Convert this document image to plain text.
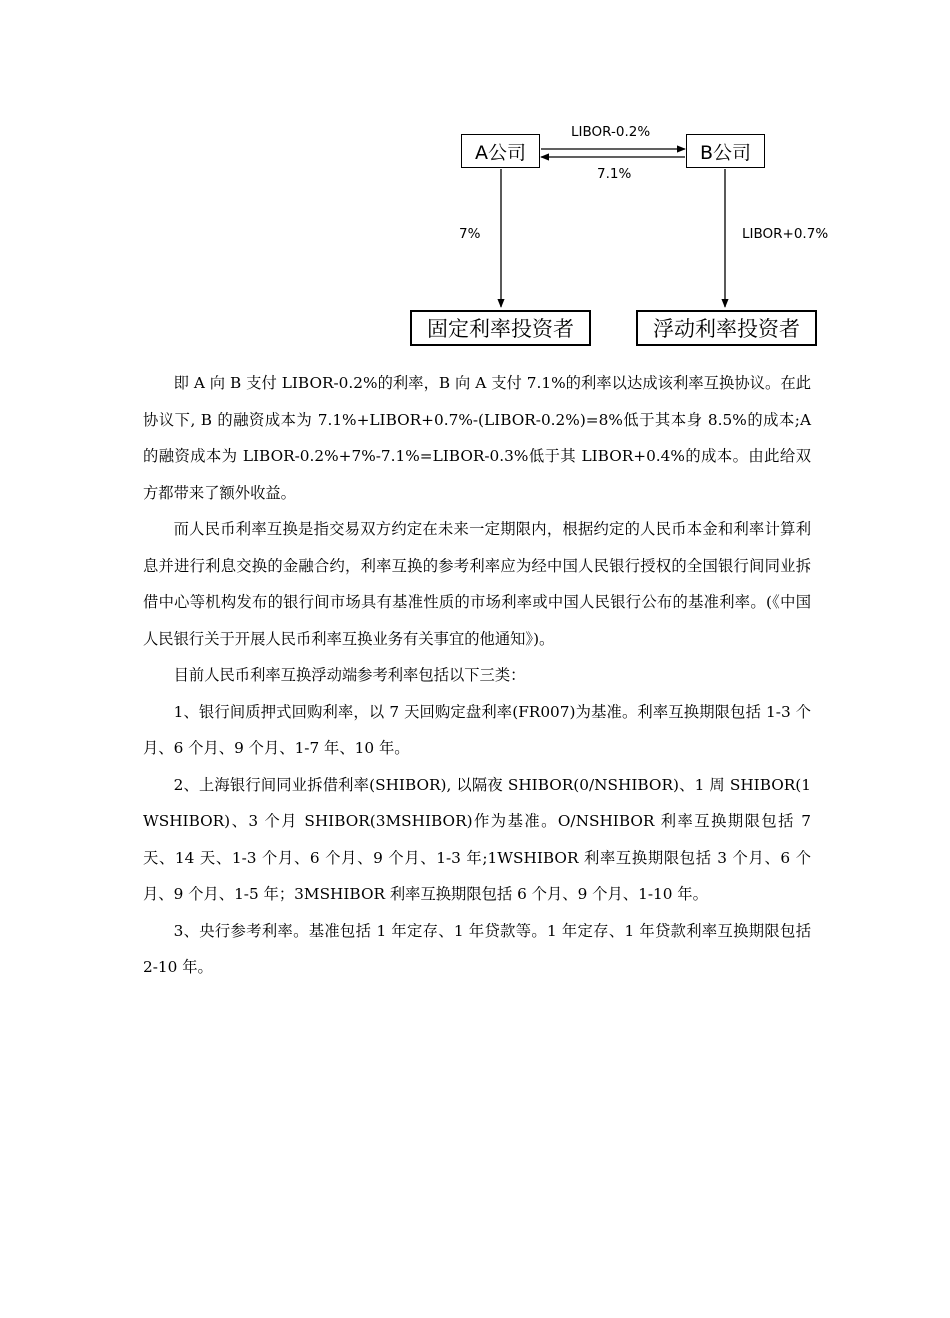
A公司	B公司
固定利率投资者	浮动利率投资者
LIBOR-0.2%
7.1%
7%	LIBOR+0.7%

即 A 向 B 支付 LIBOR-0.2%的利率，B 向 A 支付 7.1%的利率以达成该利率互换协议。在此协议下, B 的融资成本为 7.1%+LIBOR+0.7%-(LIBOR-0.2%)=8%低于其本身 8.5%的成本;A 的融资成本为 LIBOR-0.2%+7%-7.1%=LIBOR-0.3%低于其 LIBOR+0.4%的成本。由此给双方都带来了额外收益。

而人民币利率互换是指交易双方约定在未来一定期限内，根据约定的人民币本金和利率计算利息并进行利息交换的金融合约，利率互换的参考利率应为经中国人民银行授权的全国银行间同业拆借中心等机构发布的银行间市场具有基准性质的市场利率或中国人民银行公布的基准利率。(《中国人民银行关于开展人民币利率互换业务有关事宜的他通知》)。

目前人民币利率互换浮动端参考利率包括以下三类：

1、银行间质押式回购利率，以 7 天回购定盘利率(FR007)为基准。利率互换期限包括 1-3 个月、6 个月、9 个月、1-7 年、10 年。

2、上海银行间同业拆借利率(SHIBOR), 以隔夜 SHIBOR(0/NSHIBOR)、1 周 SHIBOR(1WSHIBOR)、3 个月 SHIBOR(3MSHIBOR)作为基准。O/NSHIBOR 利率互换期限包括 7 天、14 天、1-3 个月、6 个月、9 个月、1-3 年;1WSHIBOR 利率互换期限包括 3 个月、6 个月、9 个月、1-5 年；3MSHIBOR 利率互换期限包括 6 个月、9 个月、1-10 年。

3、央行参考利率。基准包括 1 年定存、1 年贷款等。1 年定存、1 年贷款利率互换期限包括 2-10 年。
